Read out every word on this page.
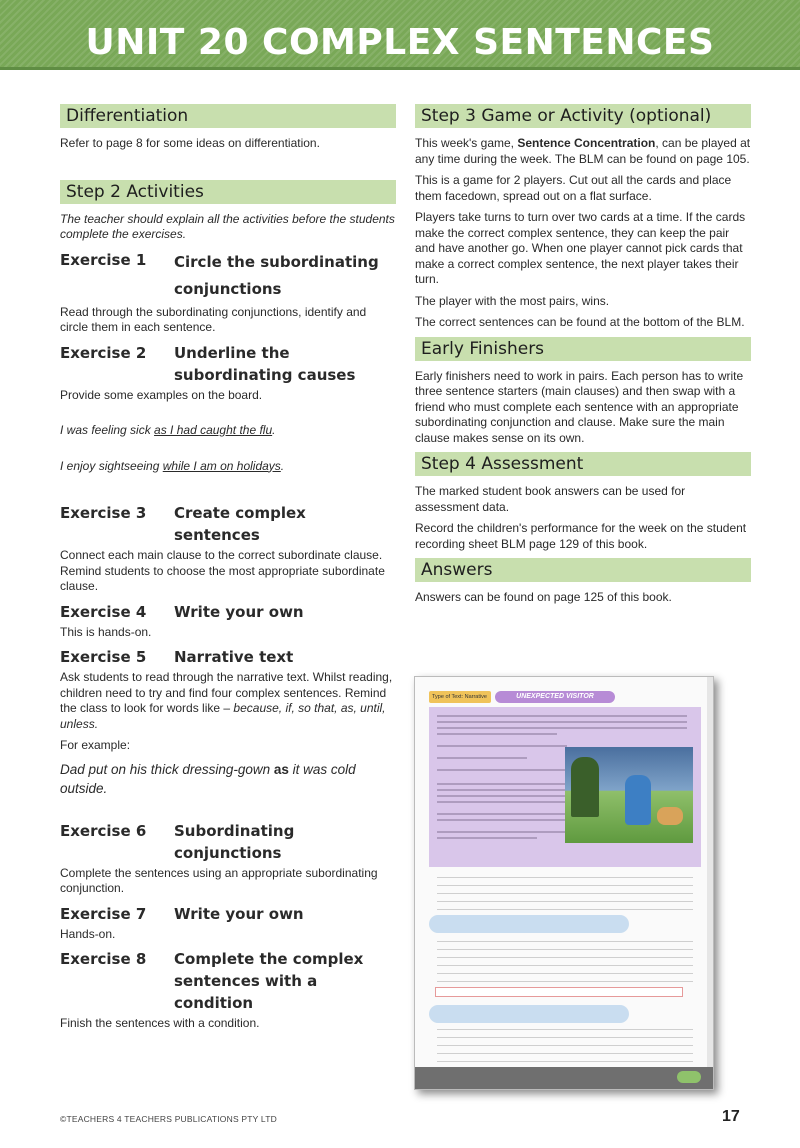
UNIT 20 COMPLEX SENTENCES
Differentiation

Refer to page 8 for some ideas on differentiation.

Step 2 Activities

The teacher should explain all the activities before the students complete the exercises.

Exercise 1	Circle the subordinating conjunctions

Read through the subordinating conjunctions, identify and circle them in each sentence.

Exercise 2	Underline the subordinating causes

Provide some examples on the board.

I was feeling sick as I had caught the flu.

I enjoy sightseeing while I am on holidays.

Exercise 3	Create complex sentences

Connect each main clause to the correct subordinate clause. Remind students to choose the most appropriate subordinate clause.

Exercise 4	Write your own

This is hands-on.

Exercise 5	Narrative text

Ask students to read through the narrative text. Whilst reading, children need to try and find four complex sentences. Remind the class to look for words like – because, if, so that, as, until, unless.

For example:

Dad put on his thick dressing-gown as it was cold outside.

Exercise 6	Subordinating conjunctions

Complete the sentences using an appropriate subordinating conjunction.

Exercise 7	Write your own

Hands-on.

Exercise 8	Complete the complex sentences with a condition

Finish the sentences with a condition.

Step 3 Game or Activity (optional)

This week's game, Sentence Concentration, can be played at any time during the week. The BLM can be found on page 105.

This is a game for 2 players. Cut out all the cards and place them facedown, spread out on a flat surface.

Players take turns to turn over two cards at a time. If the cards make the correct complex sentence, they can keep the pair and have another go. When one player cannot pick cards that make a correct complex sentence, the next player takes their turn.

The player with the most pairs, wins.

The correct sentences can be found at the bottom of the BLM.

Early Finishers

Early finishers need to work in pairs. Each person has to write three sentence starters (main clauses) and then swap with a friend who must complete each sentence with an appropriate subordinating conjunction and clause. Make sure the main clause makes sense on its own.

Step 4 Assessment

The marked student book answers can be used for assessment data.

Record the children's performance for the week on the student recording sheet BLM page 129 of this book.

Answers

Answers can be found on page 125 of this book.

Type of Text: Narrative	UNEXPECTED VISITOR
©TEACHERS 4 TEACHERS PUBLICATIONS PTY LTD	17
